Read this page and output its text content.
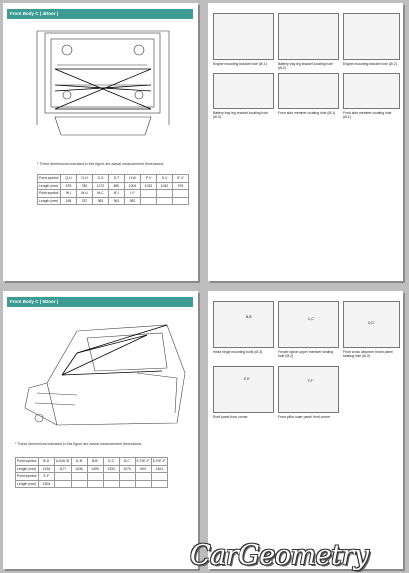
Front Body C ( 4Door )
* These dimensions indicated in this figure are actual measurement dimensions.
Point symbol	Q-U	G-H	G-S	S-T	H-W	P-V	S-V	S'-V'
Length (mm)	576	780	1172	890	1004	1032	1042	976
Point symbol	W-I	W-U	M-C	B'-I	I-F			
Length (mm)	198	237	983	961	982			
Engine mounting bracket hole (Ø-1)	Battery tray leg bracket locating hole (Ø-2)
Engine mounting bracket hole (Ø-2)
Battery tray leg bracket locating hole (Ø-3)
Front side member locating hole (Ø-1)	Front side member locating hole (Ø-1)
Front Body C ( 5Door )
* These dimensions indicated in this figure are actual measurement dimensions.
Point symbol	B-D'	A-B/A'-B'	A'-B	B-B'	D-C	D-C'	E-F/E'-F'	E-F/E'-F'
Length (mm)	1434	1177	1436	1499	1333	1075	500	1461
Point symbol	E-F'							
Length (mm)	1504							
Head hinge mounting bolts (Ø-3)	Fender apron upper member sealing hole (Ø-2)
Front cross absorber beam panel sealing hole (Ø-3)
Roof panel front corner	Front pillar outer panel front corner
B,B'	C,C'
D,D'
E,E'	F,F'
CarGeometry
